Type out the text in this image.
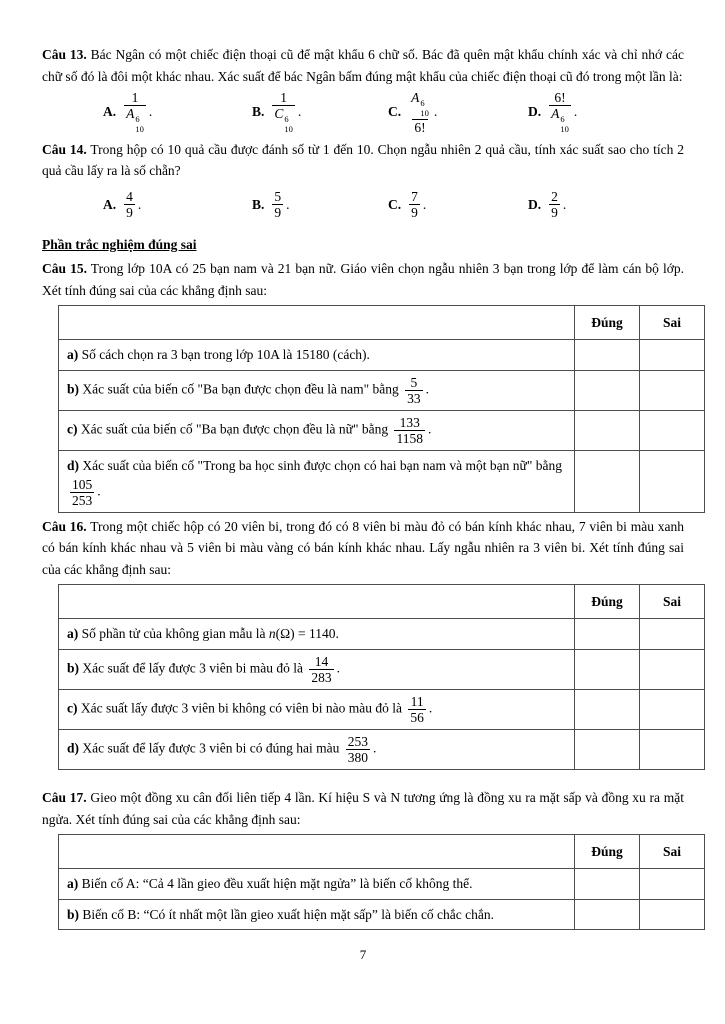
Câu 13. Bác Ngân có một chiếc điện thoại cũ để mật khẩu 6 chữ số. Bác đã quên mật khẩu chính xác và chỉ nhớ các chữ số đó là đôi một khác nhau. Xác suất để bác Ngân bấm đúng mật khẩu của chiếc điện thoại cũ đó trong một lần là:

A. 1
A 6
10 .	B. 1
C 6
10 .	C. A 6
10
6! .	D. 6!
A 6
10 .

Câu 14. Trong hộp có 10 quả cầu được đánh số từ 1 đến 10. Chọn ngẫu nhiên 2 quả cầu, tính xác suất sao cho tích 2 quả cầu lấy ra là số chẵn?

A. $\frac{4}{9}$ .	B. $\frac{5}{9}$ .	C. $\frac{7}{9}$ .	D. $\frac{2}{9}$ .
Phần trắc nghiệm đúng sai

Câu 15. Trong lớp 10A có 25 bạn nam và 21 bạn nữ. Giáo viên chọn ngẫu nhiên 3 bạn trong lớp để làm cán bộ lớp. Xét tính đúng sai của các khẳng định sau:

	Đúng	Sai
a) Số cách chọn ra 3 bạn trong lớp 10A là 15180 (cách).		
b) Xác suất của biến cố "Ba bạn được chọn đều là nam" bằng $\frac{5}{33}$ .		
c) Xác suất của biến cố "Ba bạn được chọn đều là nữ" bằng $\frac{133}{1158}$ .		
d) Xác suất của biến cố "Trong ba học sinh được chọn có hai bạn nam và một bạn nữ" bằng
$\frac{105}{253}$ .		

Câu 16. Trong một chiếc hộp có 20 viên bi, trong đó có 8 viên bi màu đỏ có bán kính khác nhau, 7 viên bi màu xanh có bán kính khác nhau và 5 viên bi màu vàng có bán kính khác nhau. Lấy ngẫu nhiên ra 3 viên bi. Xét tính đúng sai của các khẳng định sau:

	Đúng	Sai
a) Số phần tử của không gian mẫu là n(Ω) = 1140.		
b) Xác suất để lấy được 3 viên bi màu đỏ là $\frac{14}{283}$ .		
c) Xác suất lấy được 3 viên bi không có viên bi nào màu đỏ là $\frac{11}{56}$ .		
d) Xác suất để lấy được 3 viên bi có đúng hai màu $\frac{253}{380}$ .		

Câu 17. Gieo một đồng xu cân đối liên tiếp 4 lần. Kí hiệu S và N tương ứng là đồng xu ra mặt sấp và đồng xu ra mặt ngửa. Xét tính đúng sai của các khẳng định sau:

	Đúng	Sai
a) Biến cố A: “Cả 4 lần gieo đều xuất hiện mặt ngửa” là biến cố không thể.		
b) Biến cố B: “Có ít nhất một lần gieo xuất hiện mặt sấp” là biến cố chắc chắn.		
7
